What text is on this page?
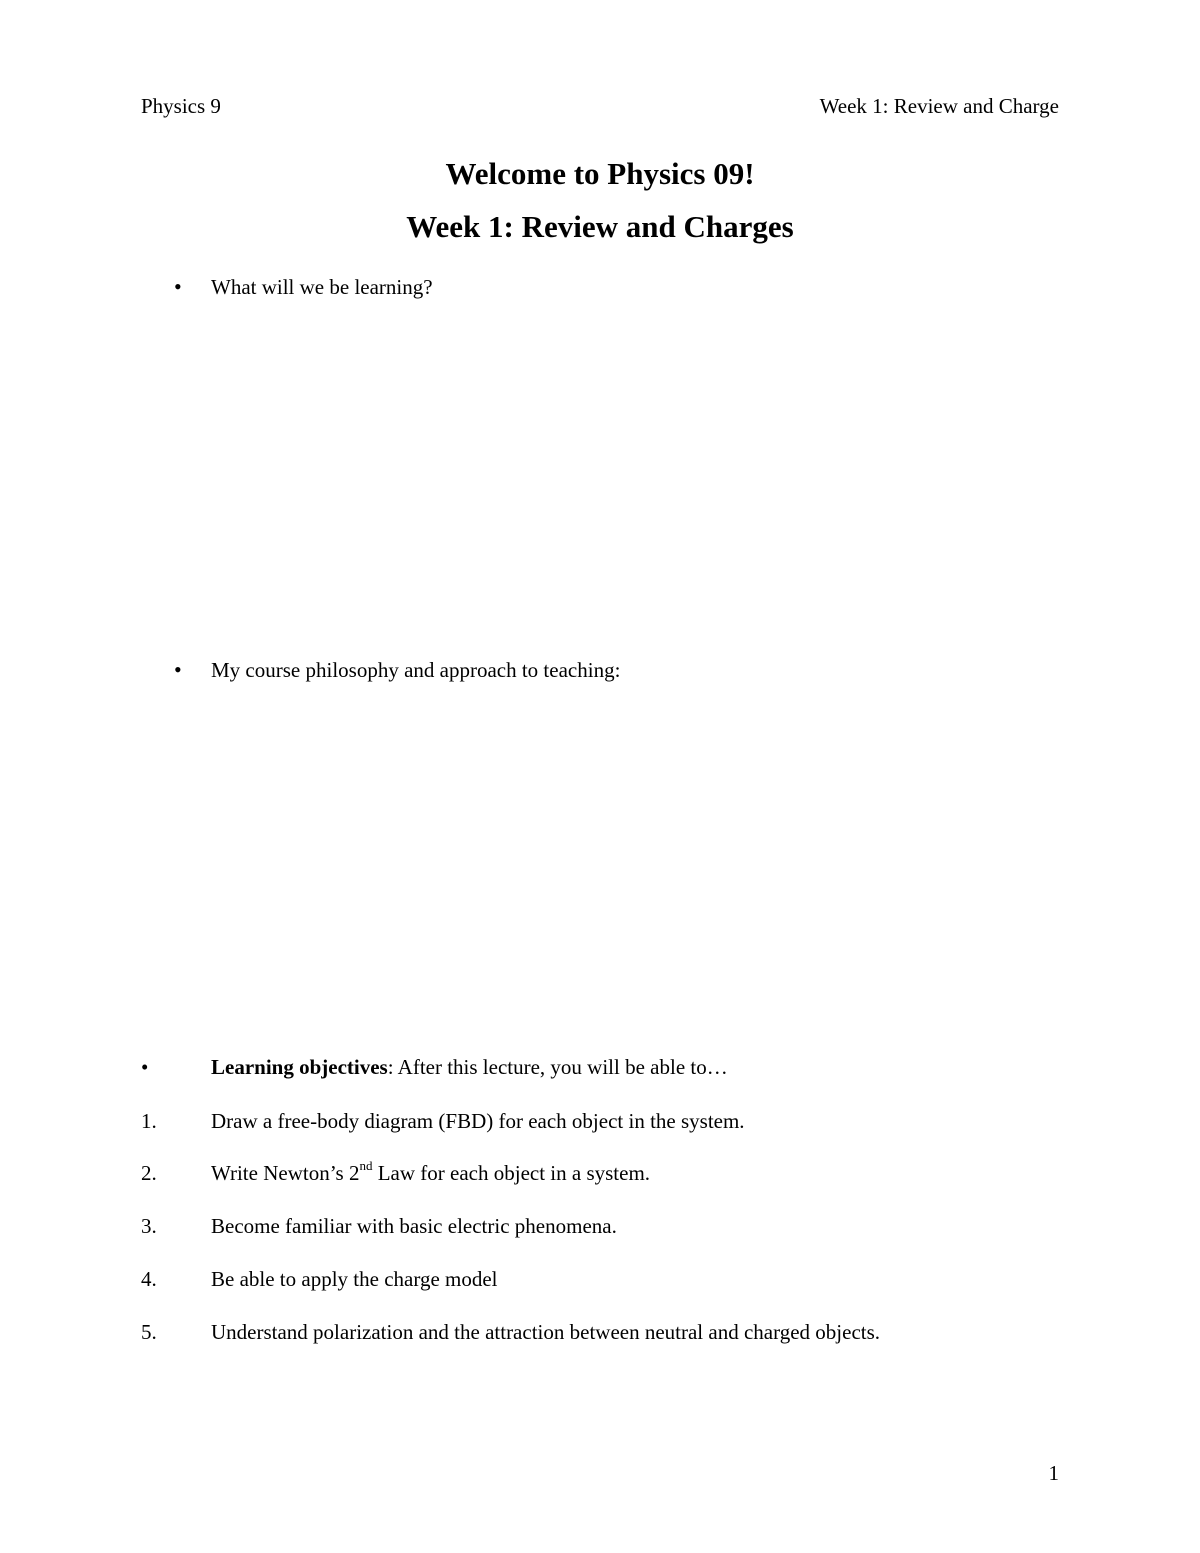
Physics 9	Week 1: Review and Charge
Welcome to Physics 09!
Week 1: Review and Charges
• What will we be learning?
• My course philosophy and approach to teaching:
•	Learning objectives: After this lecture, you will be able to…
1.	Draw a free-body diagram (FBD) for each object in the system.
2.	Write Newton’s 2nd Law for each object in a system.
3.	Become familiar with basic electric phenomena.
4.	Be able to apply the charge model
5.	Understand polarization and the attraction between neutral and charged objects.
1
